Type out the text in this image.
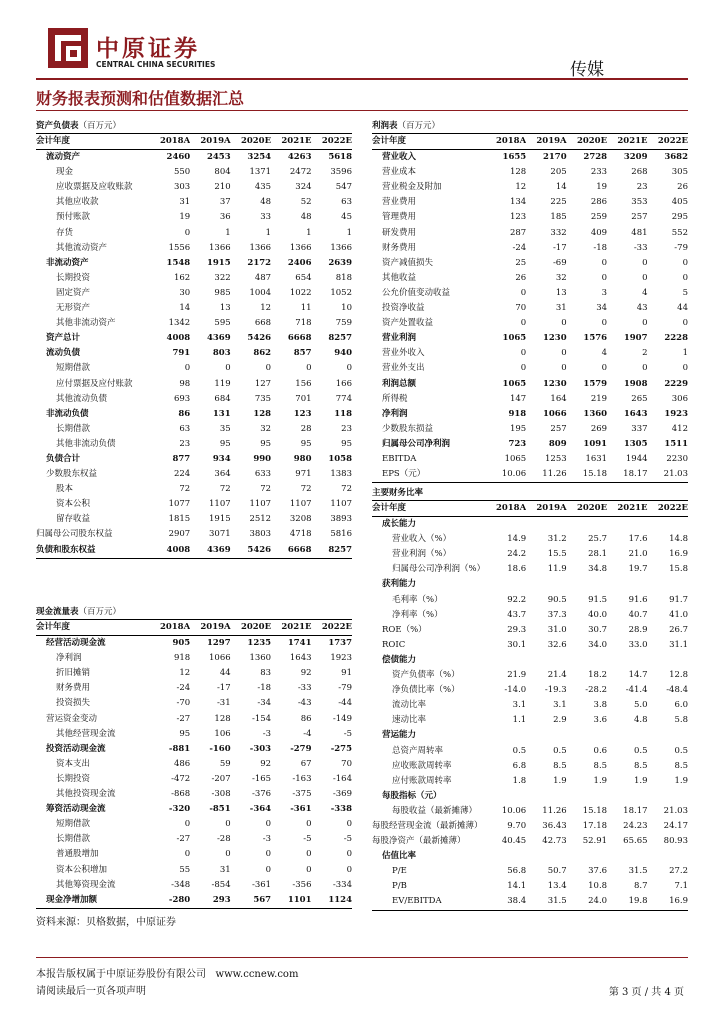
中原证券
CENTRAL CHINA SECURITIES	传媒
财务报表预测和估值数据汇总
资产负债表（百万元）
会计年度	2018A	2019A	2020E	2021E	2022E
流动资产	2460	2453	3254	4263	5618
现金	550	804	1371	2472	3596
应收票据及应收账款	303	210	435	324	547
其他应收款	31	37	48	52	63
预付账款	19	36	33	48	45
存货	0	1	1	1	1
其他流动资产	1556	1366	1366	1366	1366
非流动资产	1548	1915	2172	2406	2639
长期投资	162	322	487	654	818
固定资产	30	985	1004	1022	1052
无形资产	14	13	12	11	10
其他非流动资产	1342	595	668	718	759
资产总计	4008	4369	5426	6668	8257
流动负债	791	803	862	857	940
短期借款	0	0	0	0	0
应付票据及应付账款	98	119	127	156	166
其他流动负债	693	684	735	701	774
非流动负债	86	131	128	123	118
长期借款	63	35	32	28	23
其他非流动负债	23	95	95	95	95
负债合计	877	934	990	980	1058
少数股东权益	224	364	633	971	1383
股本	72	72	72	72	72
资本公积	1077	1107	1107	1107	1107
留存收益	1815	1915	2512	3208	3893
归属母公司股东权益	2907	3071	3803	4718	5816
负债和股东权益	4008	4369	5426	6668	8257
利润表（百万元）
会计年度	2018A	2019A	2020E	2021E	2022E
营业收入	1655	2170	2728	3209	3682
营业成本	128	205	233	268	305
营业税金及附加	12	14	19	23	26
营业费用	134	225	286	353	405
管理费用	123	185	259	257	295
研发费用	287	332	409	481	552
财务费用	-24	-17	-18	-33	-79
资产减值损失	25	-69	0	0	0
其他收益	26	32	0	0	0
公允价值变动收益	0	13	3	4	5
投资净收益	70	31	34	43	44
资产处置收益	0	0	0	0	0
营业利润	1065	1230	1576	1907	2228
营业外收入	0	0	4	2	1
营业外支出	0	0	0	0	0
利润总额	1065	1230	1579	1908	2229
所得税	147	164	219	265	306
净利润	918	1066	1360	1643	1923
少数股东损益	195	257	269	337	412
归属母公司净利润	723	809	1091	1305	1511
EBITDA	1065	1253	1631	1944	2230
EPS（元）	10.06	11.26	15.18	18.17	21.03
主要财务比率
会计年度	2018A	2019A	2020E	2021E	2022E
成长能力					
营业收入（%）	14.9	31.2	25.7	17.6	14.8
营业利润（%）	24.2	15.5	28.1	21.0	16.9
归属母公司净利润（%）	18.6	11.9	34.8	19.7	15.8
获利能力					
毛利率（%）	92.2	90.5	91.5	91.6	91.7
净利率（%）	43.7	37.3	40.0	40.7	41.0
ROE（%）	29.3	31.0	30.7	28.9	26.7
ROIC	30.1	32.6	34.0	33.0	31.1
偿债能力					
资产负债率（%）	21.9	21.4	18.2	14.7	12.8
净负债比率（%）	-14.0	-19.3	-28.2	-41.4	-48.4
流动比率	3.1	3.1	3.8	5.0	6.0
速动比率	1.1	2.9	3.6	4.8	5.8
营运能力					
总资产周转率	0.5	0.5	0.6	0.5	0.5
应收账款周转率	6.8	8.5	8.5	8.5	8.5
应付账款周转率	1.8	1.9	1.9	1.9	1.9
每股指标（元）					
每股收益（最新摊薄）	10.06	11.26	15.18	18.17	21.03
每股经营现金流（最新摊薄）	9.70	36.43	17.18	24.23	24.17
每股净资产（最新摊薄）	40.45	42.73	52.91	65.65	80.93
估值比率					
P/E	56.8	50.7	37.6	31.5	27.2
P/B	14.1	13.4	10.8	8.7	7.1
EV/EBITDA	38.4	31.5	24.0	19.8	16.9
现金流量表（百万元）
会计年度	2018A	2019A	2020E	2021E	2022E
经营活动现金流	905	1297	1235	1741	1737
净利润	918	1066	1360	1643	1923
折旧摊销	12	44	83	92	91
财务费用	-24	-17	-18	-33	-79
投资损失	-70	-31	-34	-43	-44
营运资金变动	-27	128	-154	86	-149
其他经营现金流	95	106	-3	-4	-5
投资活动现金流	-881	-160	-303	-279	-275
资本支出	486	59	92	67	70
长期投资	-472	-207	-165	-163	-164
其他投资现金流	-868	-308	-376	-375	-369
筹资活动现金流	-320	-851	-364	-361	-338
短期借款	0	0	0	0	0
长期借款	-27	-28	-3	-5	-5
普通股增加	0	0	0	0	0
资本公积增加	55	31	0	0	0
其他筹资现金流	-348	-854	-361	-356	-334
现金净增加额	-280	293	567	1101	1124
资料来源：贝格数据，中原证券
本报告版权属于中原证券股份有限公司 www.ccnew.com
请阅读最后一页各项声明	第 3 页 / 共 4 页
